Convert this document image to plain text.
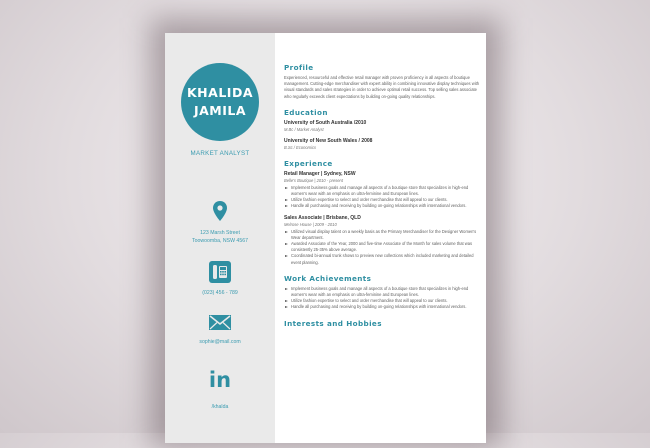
KHALIDA
JAMILA
MARKET ANALYST
123 Marsh Street
Toowoomba, NSW 4567
(023) 456 - 789
sophie@mail.com
in
/khalda
Profile

Experienced, resourceful and effective retail manager with proven proficiency in all aspects of boutique management. Cutting-edge merchandiser with expert ability in combining innovative display techniques with visual standards and sales strategies in order to achieve optimal retail success. Top selling sales associate who regularly exceeds client expectations by building on-going quality relationships.

Education

University of South Australia /2010

M.Bc / Market Analyst

University of New South Wales / 2008

B.Sc / Economics

Experience

Retail Manager | Sydney, NSW

Belle's Boutique | 2010 - present

Implement business goals and manage all aspects of a boutique store that specializes in high-end women's wear with an emphasis on ultra-feminine and European lines.
Utilize fashion expertise to select and order merchandise that will appeal to our clients.
Handle all purchasing and receiving by building on-going relationships with international vendors.

Sales Associate | Brisbane, QLD

Melrose House | 2009 - 2010

Utilized visual display talent on a weekly basis as the Primary Merchandiser for the Designer Women's Wear department.
Awarded Associate of the Year, 2000 and five-time Associate of the Month for sales volume that was consistently 25-35% above average.
Coordinated bi-annual trunk shows to preview new collections which included marketing and detailed event planning.
Work Achievements
Implement business goals and manage all aspects of a boutique store that specializes in high-end women's wear with an emphasis on ultra-feminine and European lines.
Utilize fashion expertise to select and order merchandise that will appeal to our clients.
Handle all purchasing and receiving by building on-going relationships with international vendors.
Interests and Hobbies
